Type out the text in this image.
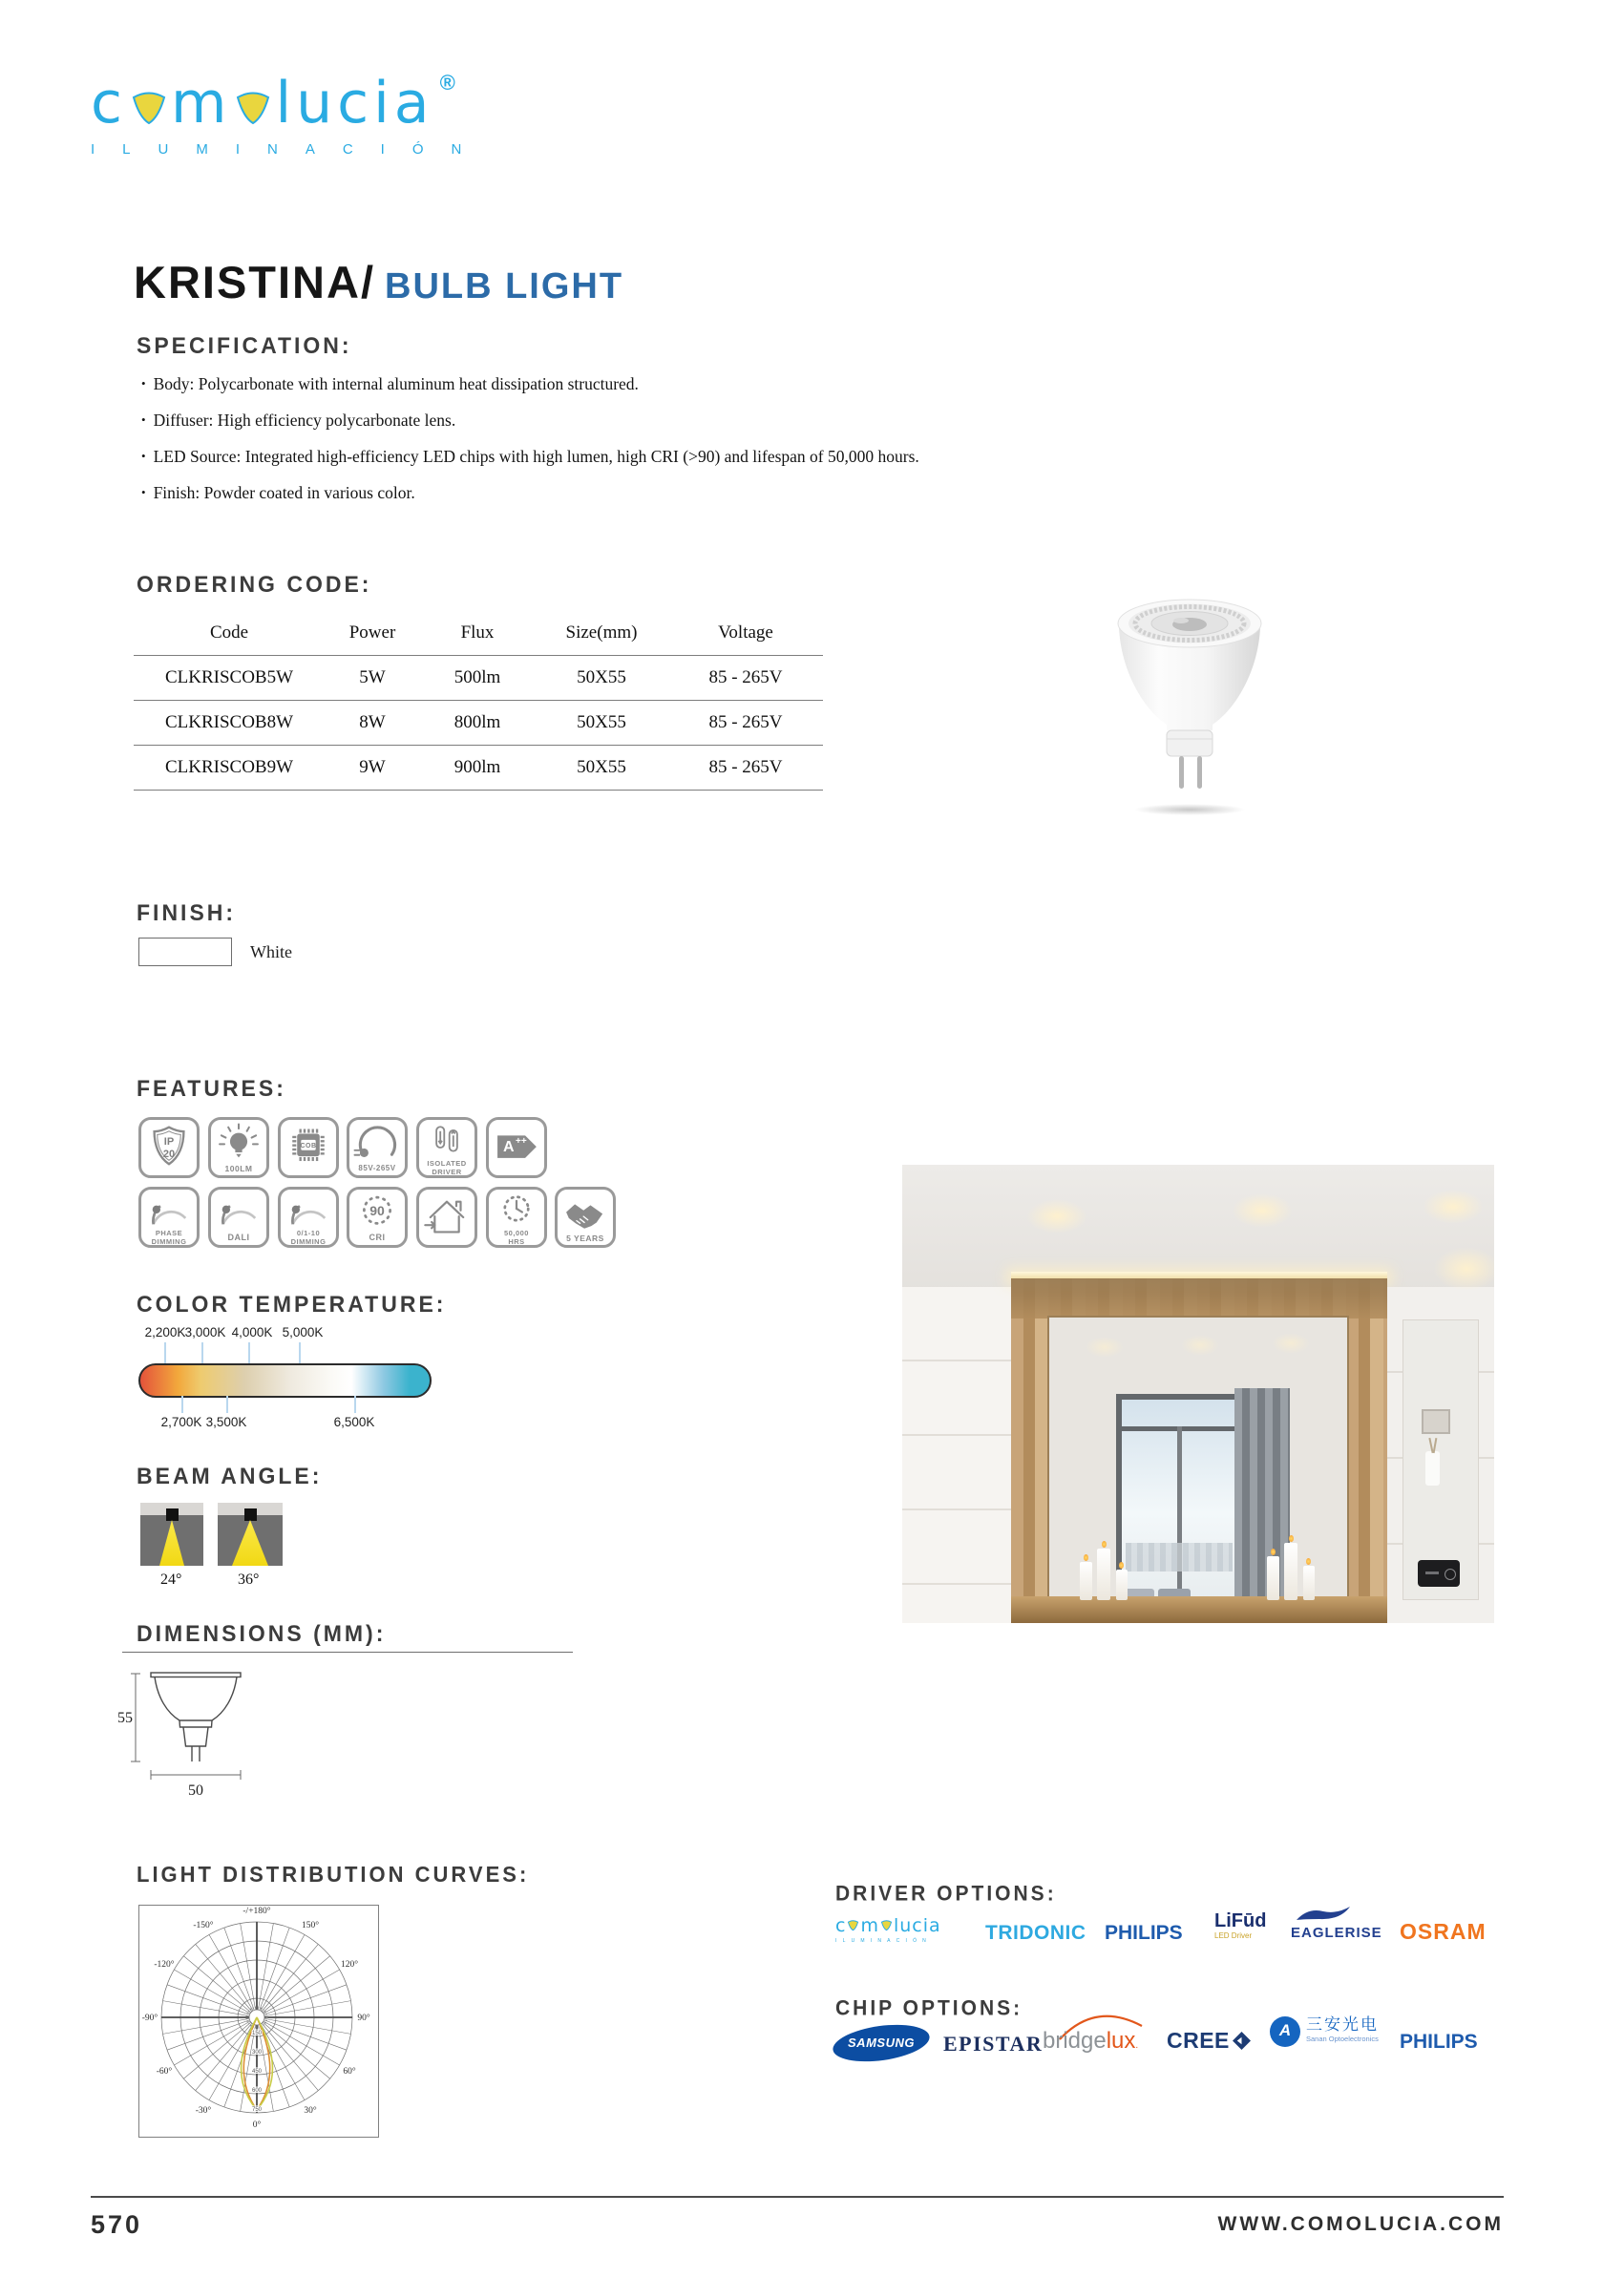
c m lucia ®
ILUMINACIÓN
KRISTINA/ BULB LIGHT
SPECIFICATION:
• Body: Polycarbonate with internal aluminum heat dissipation structured.
• Diffuser: High efficiency polycarbonate lens.
• LED Source: Integrated high-efficiency LED chips with high lumen, high CRI (>90) and lifespan of 50,000 hours.
• Finish: Powder coated in various color.
ORDERING CODE:
Code	Power	Flux	Size(mm)	Voltage
CLKRISCOB5W	5W	500lm	50X55	85 - 265V
CLKRISCOB8W	8W	800lm	50X55	85 - 265V
CLKRISCOB9W	9W	900lm	50X55	85 - 265V
FINISH:
White
FEATURES:
IP
20
100LM
COB
85V-265V
ISOLATED
DRIVER
A ++
PHASE
DIMMING	DALI	0/1-10
DIMMING
90
CRI	50,000
HRS	5 YEARS
COLOR TEMPERATURE:
2,200K 3,000K 4,000K 5,000K
2,700K 3,500K	6,500K
BEAM ANGLE:
24°	36°
DIMENSIONS (MM):
55
50
LIGHT DISTRIBUTION CURVES:
-/+180°
150°
120°
90°
60°
30°
0°
-30°
-60°
-90°
-120°
-150°
150
300
450
600
750
DRIVER OPTIONS:
c m lucia
ILUMINACIÓN	TRIDONIC PHILIPS
LiFūd
LED Driver	EAGLERISE OSRAM
CHIP OPTIONS:
SAMSUNG	EPISTAR bridgelux. CREE	A 三安光电
Sanan Optoelectronics PHILIPS
570	WWW.COMOLUCIA.COM
